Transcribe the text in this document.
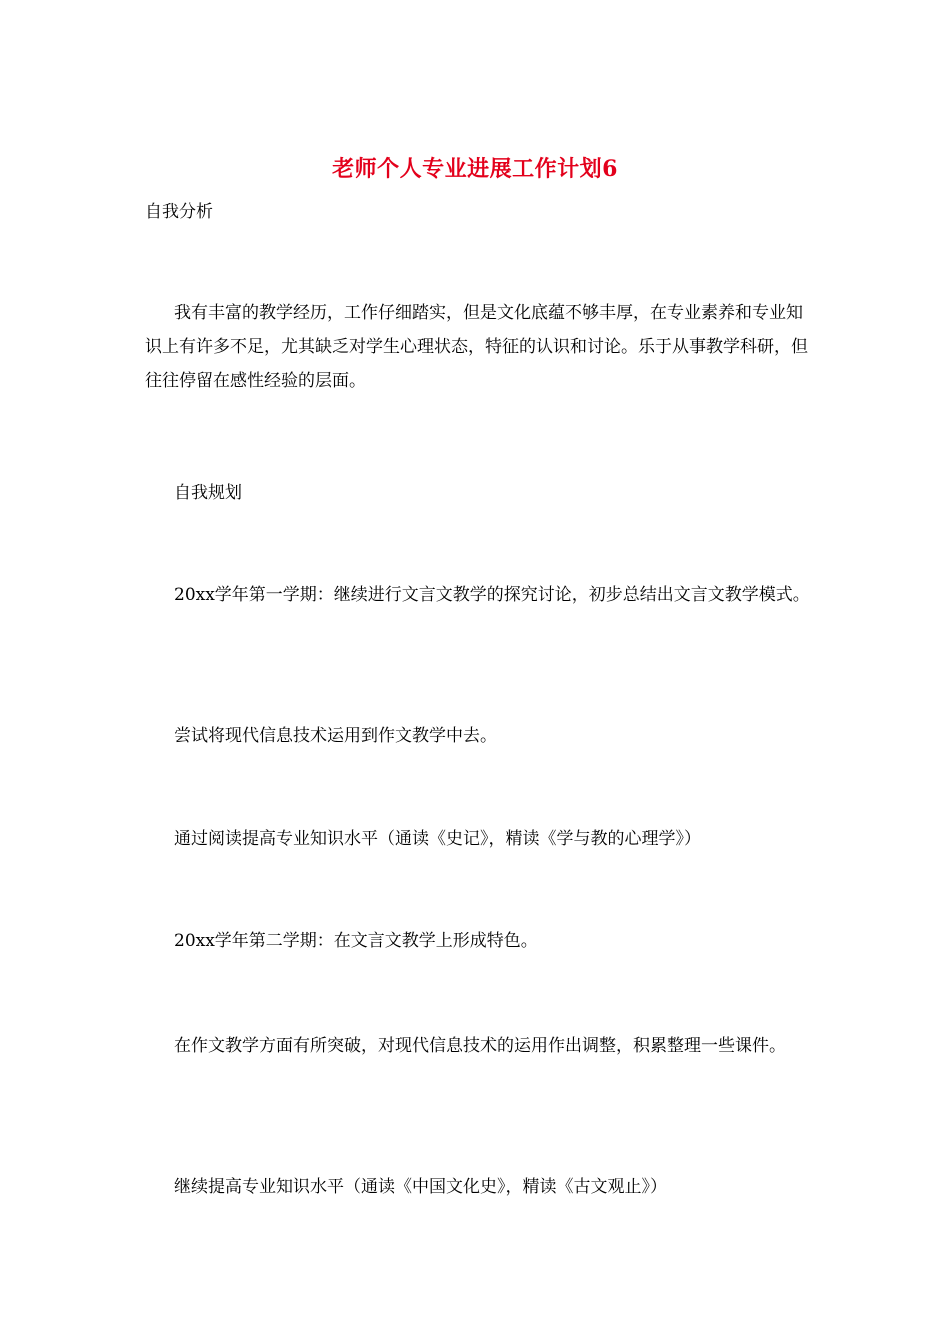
老师个人专业进展工作计划6

自我分析

我有丰富的教学经历，工作仔细踏实，但是文化底蕴不够丰厚，在专业素养和专业知识上有许多不足，尤其缺乏对学生心理状态，特征的认识和讨论。乐于从事教学科研，但往往停留在感性经验的层面。

自我规划

20xx学年第一学期：继续进行文言文教学的探究讨论，初步总结出文言文教学模式。

尝试将现代信息技术运用到作文教学中去。

通过阅读提高专业知识水平（通读《史记》，精读《学与教的心理学》）

20xx学年第二学期：在文言文教学上形成特色。

在作文教学方面有所突破，对现代信息技术的运用作出调整，积累整理一些课件。

继续提高专业知识水平（通读《中国文化史》，精读《古文观止》）
